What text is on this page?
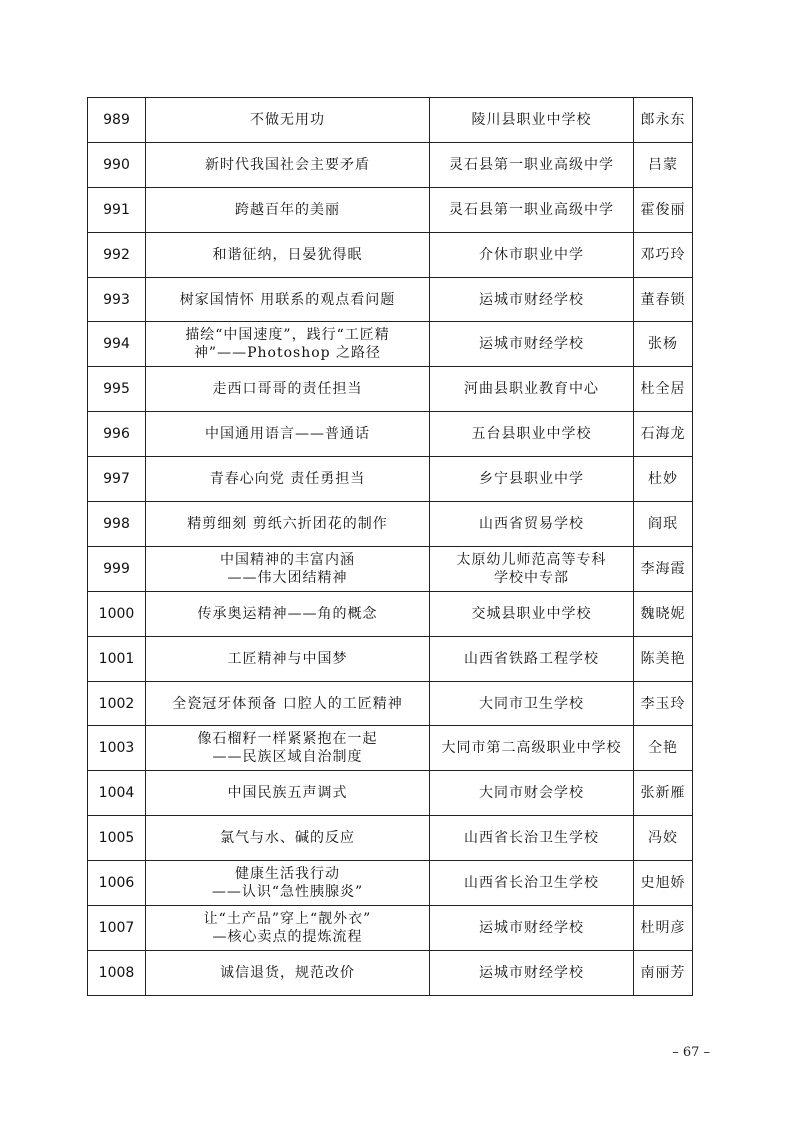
989	不做无用功	陵川县职业中学校	郎永东
990	新时代我国社会主要矛盾	灵石县第一职业高级中学	吕蒙
991	跨越百年的美丽	灵石县第一职业高级中学	霍俊丽
992	和谐征纳，日晏犹得眠	介休市职业中学	邓巧玲
993	树家国情怀 用联系的观点看问题	运城市财经学校	董春锁
994	描绘“中国速度”，践行“工匠精
神”——Photoshop 之路径	运城市财经学校	张杨
995	走西口哥哥的责任担当	河曲县职业教育中心	杜全居
996	中国通用语言——普通话	五台县职业中学校	石海龙
997	青春心向党 责任勇担当	乡宁县职业中学	杜妙
998	精剪细刻 剪纸六折团花的制作	山西省贸易学校	阎珉
999	中国精神的丰富内涵
——伟大团结精神	太原幼儿师范高等专科
学校中专部	李海霞
1000	传承奥运精神——角的概念	交城县职业中学校	魏晓妮
1001	工匠精神与中国梦	山西省铁路工程学校	陈美艳
1002	全瓷冠牙体预备 口腔人的工匠精神	大同市卫生学校	李玉玲
1003	像石榴籽一样紧紧抱在一起
——民族区域自治制度	大同市第二高级职业中学校	仝艳
1004	中国民族五声调式	大同市财会学校	张新雁
1005	氯气与水、碱的反应	山西省长治卫生学校	冯姣
1006	健康生活我行动
——认识“急性胰腺炎”	山西省长治卫生学校	史旭娇
1007	让“土产品”穿上“靓外衣”
—核心卖点的提炼流程	运城市财经学校	杜明彦
1008	诚信退货，规范改价	运城市财经学校	南丽芳
– 67 –
